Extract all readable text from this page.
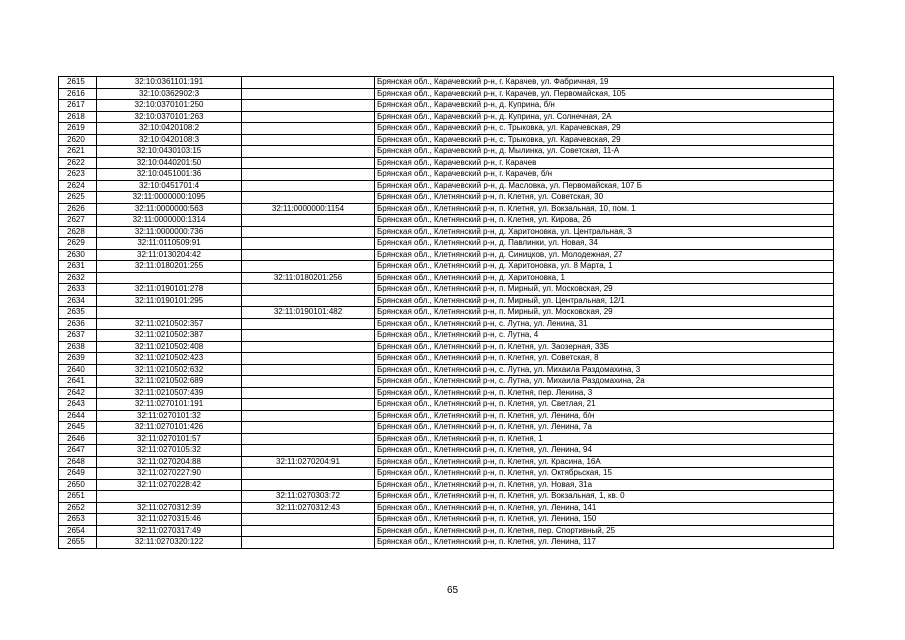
2615	32:10:0361101:191		Брянская обл., Карачевский р-н, г. Карачев, ул. Фабричная, 19
2616	32:10:0362902:3		Брянская обл., Карачевский р-н, г. Карачев, ул. Первомайская, 105
2617	32:10:0370101:250		Брянская обл., Карачевский р-н, д. Куприна, б/н
2618	32:10:0370101:263		Брянская обл., Карачевский р-н, д. Куприна, ул. Солнечная, 2А
2619	32:10:0420108:2		Брянская обл., Карачевский р-н, с. Трыковка, ул. Карачевская, 29
2620	32:10:0420108:3		Брянская обл., Карачевский р-н, с. Трыковка, ул. Карачевская, 29
2621	32:10:0430103:15		Брянская обл., Карачевский р-н, д. Мылинка, ул. Советская, 11-А
2622	32:10:0440201:50		Брянская обл., Карачевский р-н, г. Карачев
2623	32:10:0451001:36		Брянская обл., Карачевский р-н, г. Карачев, б/н
2624	32:10:0451701:4		Брянская обл., Карачевский р-н, д. Масловка, ул. Первомайская, 107 Б
2625	32:11:0000000:1095		Брянская обл., Клетнянский р-н, п. Клетня, ул. Советская, 30
2626	32:11:0000000:563	32:11:0000000:1154	Брянская обл., Клетнянский р-н, п. Клетня, ул. Вокзальная, 10, пом. 1
2627	32:11:0000000:1314		Брянская обл., Клетнянский р-н, п. Клетня, ул. Кирова, 26
2628	32:11:0000000:736		Брянская обл., Клетнянский р-н, д. Харитоновка, ул. Центральная, 3
2629	32:11:0110509:91		Брянская обл., Клетнянский р-н, д. Павлинки, ул. Новая, 34
2630	32:11:0130204:42		Брянская обл., Клетнянский р-н, д. Синицков, ул. Молодежная, 27
2631	32:11:0180201:255		Брянская обл., Клетнянский р-н, д. Харитоновка, ул. 8 Марта, 1
2632		32:11:0180201:256	Брянская обл., Клетнянский р-н, д. Харитоновка, 1
2633	32:11:0190101:278		Брянская обл., Клетнянский р-н, п. Мирный, ул. Московская, 29
2634	32:11:0190101:295		Брянская обл., Клетнянский р-н, п. Мирный, ул. Центральная, 12/1
2635		32:11:0190101:482	Брянская обл., Клетнянский р-н, п. Мирный, ул. Московская, 29
2636	32:11:0210502:357		Брянская обл., Клетнянский р-н, с. Лутна, ул. Ленина, 31
2637	32:11:0210502:387		Брянская обл., Клетнянский р-н, с. Лутна, 4
2638	32:11:0210502:408		Брянская обл., Клетнянский р-н, п. Клетня, ул. Заозерная, 33Б
2639	32:11:0210502:423		Брянская обл., Клетнянский р-н, п. Клетня, ул. Советская, 8
2640	32:11:0210502:632		Брянская обл., Клетнянский р-н, с. Лутна, ул. Михаила Раздомахина, 3
2641	32:11:0210502:689		Брянская обл., Клетнянский р-н, с. Лутна, ул. Михаила Раздомахина, 2а
2642	32:11:0210507:439		Брянская обл., Клетнянский р-н, п. Клетня, пер. Ленина, 3
2643	32:11:0270101:191		Брянская обл., Клетнянский р-н, п. Клетня, ул. Светлая, 21
2644	32:11:0270101:32		Брянская обл., Клетнянский р-н, п. Клетня, ул. Ленина, б/н
2645	32:11:0270101:426		Брянская обл., Клетнянский р-н, п. Клетня, ул. Ленина, 7а
2646	32:11:0270101:57		Брянская обл., Клетнянский р-н, п. Клетня, 1
2647	32:11:0270105:32		Брянская обл., Клетнянский р-н, п. Клетня, ул. Ленина, 94
2648	32:11:0270204:88	32:11:0270204:91	Брянская обл., Клетнянский р-н, п. Клетня, ул. Красина, 16А
2649	32:11:0270227:90		Брянская обл., Клетнянский р-н, п. Клетня, ул. Октябрьская, 15
2650	32:11:0270228:42		Брянская обл., Клетнянский р-н, п. Клетня, ул. Новая, 31а
2651		32:11:0270303:72	Брянская обл., Клетнянский р-н, п. Клетня, ул. Вокзальная, 1, кв. 0
2652	32:11:0270312:39	32:11:0270312:43	Брянская обл., Клетнянский р-н, п. Клетня, ул. Ленина, 141
2653	32:11:0270315:46		Брянская обл., Клетнянский р-н, п. Клетня, ул. Ленина, 150
2654	32:11:0270317:49		Брянская обл., Клетнянский р-н, п. Клетня, пер. Спортивный, 25
2655	32:11:0270320:122		Брянская обл., Клетнянский р-н, п. Клетня, ул. Ленина, 117
65
